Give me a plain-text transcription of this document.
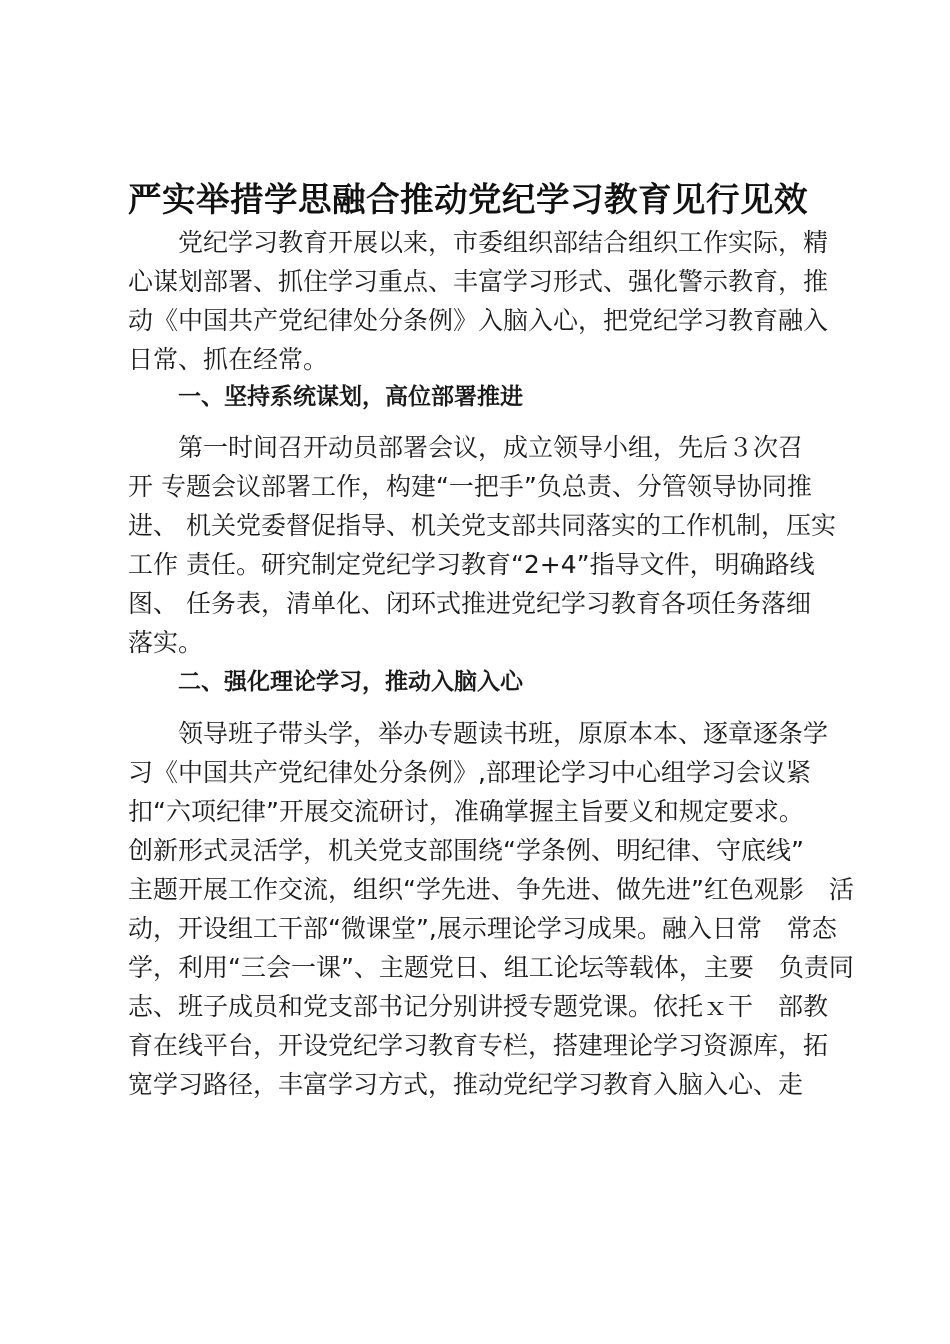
严实举措学思融合推动党纪学习教育见行见效
党纪学习教育开展以来，市委组织部结合组织工作实际，精
心谋划部署、抓住学习重点、丰富学习形式、强化警示教育，推
动《中国共产党纪律处分条例》入脑入心，把党纪学习教育融入
日常、抓在经常。
一、坚持系统谋划，高位部署推进
第一时间召开动员部署会议，成立领导小组，先后３次召
开 专题会议部署工作，构建“一把手”负总责、分管领导协同推
进、 机关党委督促指导、机关党支部共同落实的工作机制，压实
工作 责任。研究制定党纪学习教育“2+4”指导文件，明确路线
图、 任务表，清单化、闭环式推进党纪学习教育各项任务落细
落实。
二、强化理论学习，推动入脑入心
领导班子带头学，举办专题读书班，原原本本、逐章逐条学
习《中国共产党纪律处分条例》,部理论学习中心组学习会议紧
扣“六项纪律”开展交流研讨，准确掌握主旨要义和规定要求。
创新形式灵活学，机关党支部围绕“学条例、明纪律、守底线”
主题开展工作交流，组织“学先进、争先进、做先进”红色观影　活
动，开设组工干部“微课堂”,展示理论学习成果。融入日常　常态
学，利用“三会一课”、主题党日、组工论坛等载体，主要　负责同
志、班子成员和党支部书记分别讲授专题党课。依托ｘ干　部教
育在线平台，开设党纪学习教育专栏，搭建理论学习资源库，拓
宽学习路径，丰富学习方式，推动党纪学习教育入脑入心、走
